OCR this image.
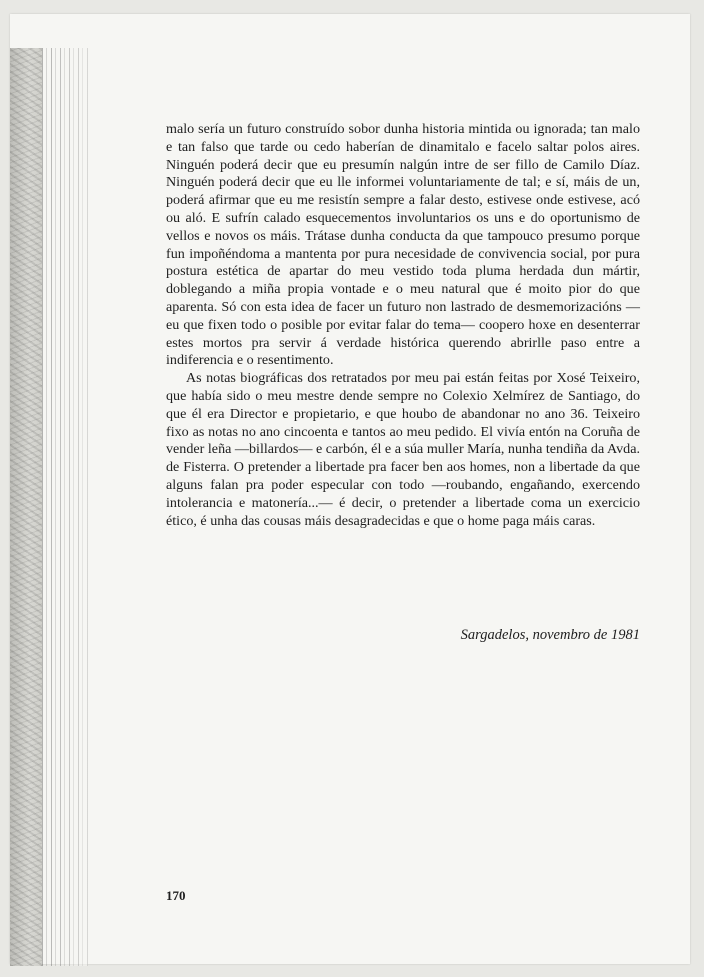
malo sería un futuro construído sobor dunha historia mintida ou ignorada; tan malo e tan falso que tarde ou cedo haberían de dinamitalo e facelo saltar polos aires. Ninguén poderá decir que eu presumín nalgún intre de ser fillo de Camilo Díaz. Ninguén poderá decir que eu lle informei voluntariamente de tal; e sí, máis de un, poderá afirmar que eu me resistín sempre a falar desto, estivese onde estivese, acó ou aló. E sufrín calado esquecementos involuntarios os uns e do oportunismo de vellos e novos os máis. Trátase dunha conducta da que tampouco presumo porque fun impoñéndoma a mantenta por pura necesidade de convivencia social, por pura postura estética de apartar do meu vestido toda pluma herdada dun mártir, doblegando a miña propia vontade e o meu natural que é moito pior do que aparenta. Só con esta idea de facer un futuro non lastrado de desmemorizacións —eu que fixen todo o posible por evitar falar do tema— coopero hoxe en desenterrar estes mortos pra servir á verdade histórica querendo abrirlle paso entre a indiferencia e o resentimento.

As notas biográficas dos retratados por meu pai están feitas por Xosé Teixeiro, que había sido o meu mestre dende sempre no Colexio Xelmírez de Santiago, do que él era Director e propietario, e que houbo de abandonar no ano 36. Teixeiro fixo as notas no ano cincoenta e tantos ao meu pedido. El vivía entón na Coruña de vender leña —billardos— e carbón, él e a súa muller María, nunha tendiña da Avda. de Fisterra. O pretender a libertade pra facer ben aos homes, non a libertade da que alguns falan pra poder especular con todo —roubando, engañando, exercendo intolerancia e matonería...— é decir, o pretender a libertade coma un exercicio ético, é unha das cousas máis desagradecidas e que o home paga máis caras.

Sargadelos, novembro de 1981
170
